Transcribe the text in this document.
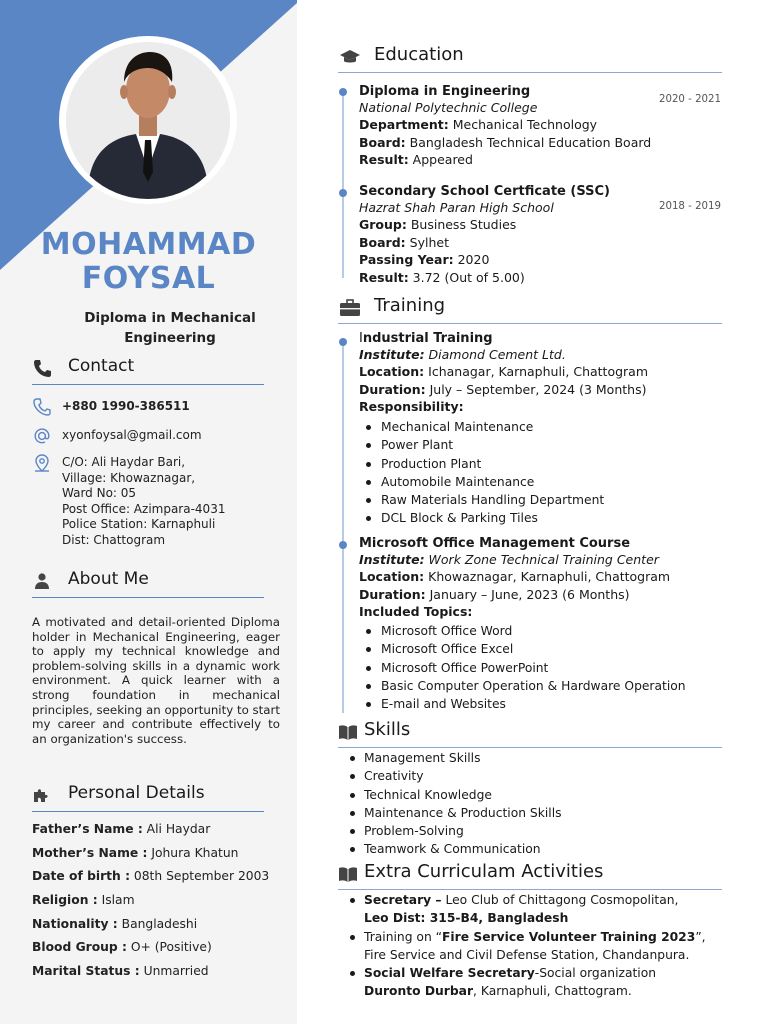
MOHAMMAD
FOYSAL
Diploma in Mechanical
Engineering
Contact
+880 1990-386511
xyonfoysal@gmail.com
C/O: Ali Haydar Bari,
Village: Khowaznagar,
Ward No: 05
Post Office: Azimpara-4031
Police Station: Karnaphuli
Dist: Chattogram
About Me
A motivated and detail-oriented Diploma holder in Mechanical Engineering, eager to apply my technical knowledge and problem-solving skills in a dynamic work environment. A quick learner with a strong foundation in mechanical principles, seeking an opportunity to start my career and contribute effectively to an organization's success.
Personal Details
Father’s Name : Ali Haydar
Mother’s Name : Johura Khatun
Date of birth : 08th September 2003
Religion : Islam
Nationality : Bangladeshi
Blood Group : O+ (Positive)
Marital Status : Unmarried
Education
Diploma in Engineering
National Polytechnic College
Department: Mechanical Technology
Board: Bangladesh Technical Education Board
Result: Appeared
2020 - 2021
Secondary School Certficate (SSC)
Hazrat Shah Paran High School
Group: Business Studies
Board: Sylhet
Passing Year: 2020
Result: 3.72 (Out of 5.00)
2018 - 2019
Training
Industrial Training
Institute: Diamond Cement Ltd.
Location: Ichanagar, Karnaphuli, Chattogram
Duration: July – September, 2024 (3 Months)
Responsibility:
Mechanical Maintenance
Power Plant
Production Plant
Automobile Maintenance
Raw Materials Handling Department
DCL Block & Parking Tiles
Microsoft Office Management Course
Institute: Work Zone Technical Training Center
Location: Khowaznagar, Karnaphuli, Chattogram
Duration: January – June, 2023 (6 Months)
Included Topics:
Microsoft Office Word
Microsoft Office Excel
Microsoft Office PowerPoint
Basic Computer Operation & Hardware Operation
E-mail and Websites
Skills
Management Skills
Creativity
Technical Knowledge
Maintenance & Production Skills
Problem-Solving
Teamwork & Communication
Extra Curriculam Activities
Secretary – Leo Club of Chittagong Cosmopolitan,
Leo Dist: 315-B4, Bangladesh
Training on “Fire Service Volunteer Training 2023”,
Fire Service and Civil Defense Station, Chandanpura.
Social Welfare Secretary-Social organization
Duronto Durbar, Karnaphuli, Chattogram.
